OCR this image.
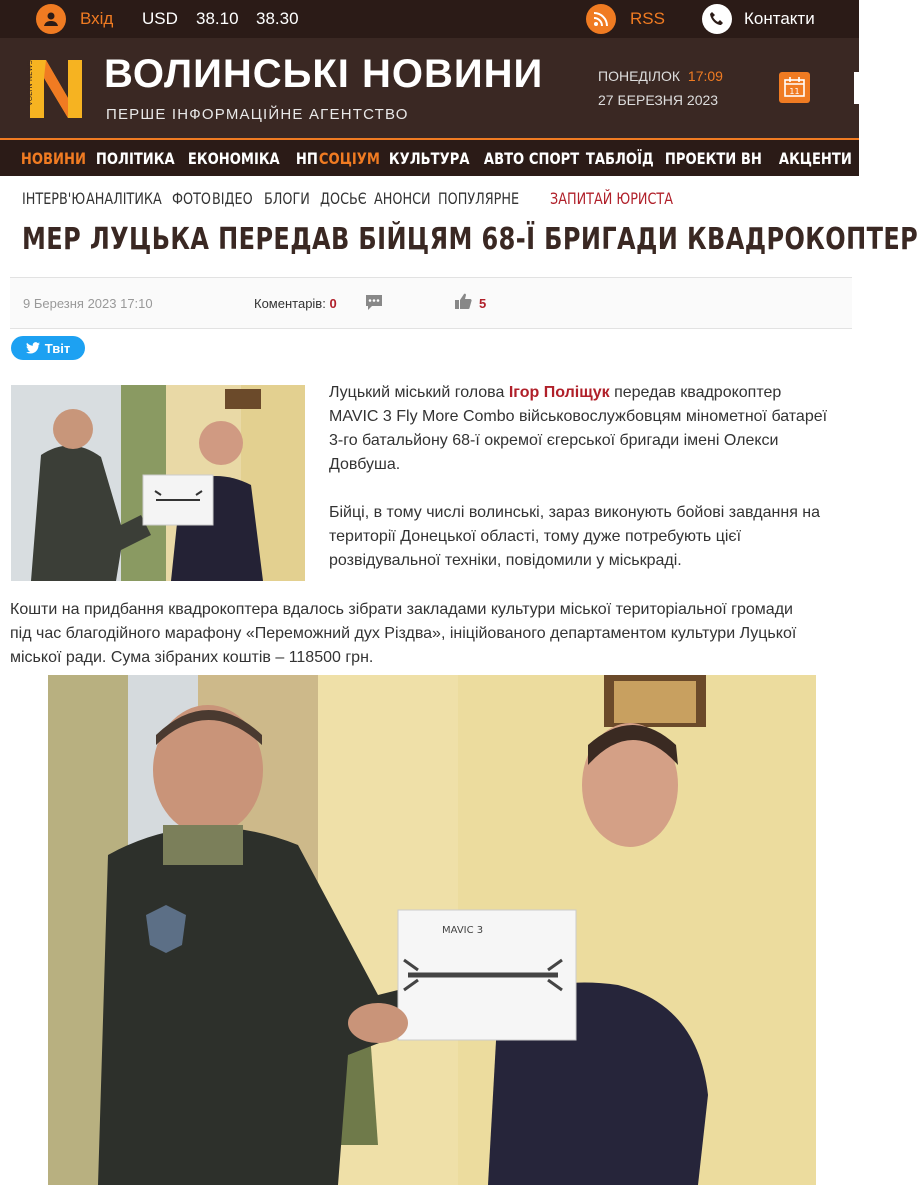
Вхід USD 38.10 38.30	RSS	Контакти
VOLYN NEWS ВОЛИНСЬКІ НОВИНИ
ПЕРШЕ ІНФОРМАЦІЙНЕ АГЕНТСТВО
ПОНЕДІЛОК 17:09
27 БЕРЕЗНЯ 2023
11
НОВИНИ ПОЛІТИКА ЕКОНОМІКА	НП СОЦІУМ КУЛЬТУРА АВТО СПОРТ ТАБЛОЇД ПРОЕКТИ ВН	АКЦЕНТИ ТРИБУ
ІНТЕРВ'Ю АНАЛІТИКА ФОТО ВІДЕО БЛОГИ ДОСЬЄ АНОНСИ ПОПУЛЯРНЕ	ЗАПИТАЙ ЮРИСТА
МЕР ЛУЦЬКА ПЕРЕДАВ БІЙЦЯМ 68-Ї БРИГАДИ КВАДРОКОПТЕР
9 Березня 2023 17:10	Коментарів: 0	5
Твіт
Луцький міський голова Ігор Поліщук передав квадрокоптер
MAVIC 3 Fly More Combo військовослужбовцям мінометної батареї
3-го батальйону 68-ї окремої єгерської бригади імені Олекси
Довбуша.
Бійці, в тому числі волинські, зараз виконують бойові завдання на
території Донецької області, тому дуже потребують цієї
розвідувальної техніки, повідомили у міськраді.
Кошти на придбання квадрокоптера вдалось зібрати закладами культури міської територіальної громади
під час благодійного марафону «Переможний дух Різдва», ініційованого департаментом культури Луцької
міської ради. Сума зібраних коштів – 118500 грн.
MAVIC 3
